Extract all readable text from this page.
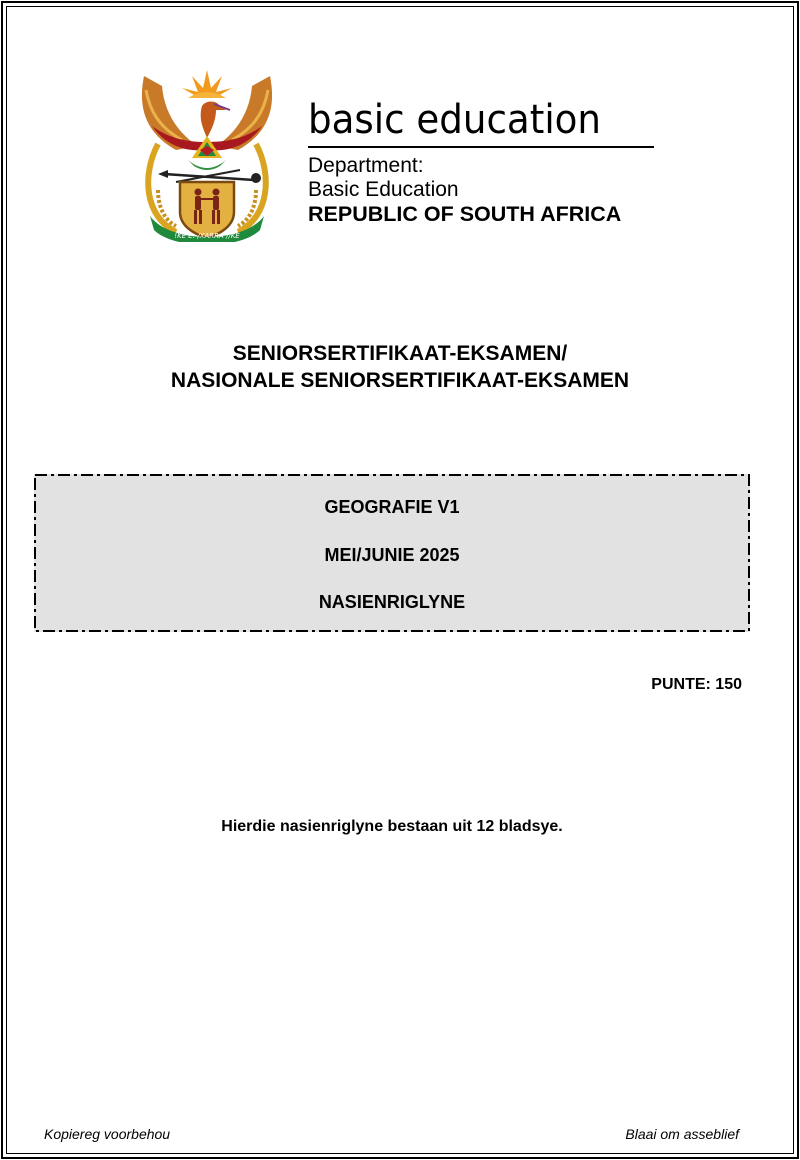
!KE E: /XARRA //KE
basic education
Department:
Basic Education
REPUBLIC OF SOUTH AFRICA
SENIORSERTIFIKAAT-EKSAMEN/
NASIONALE SENIORSERTIFIKAAT-EKSAMEN
GEOGRAFIE V1
MEI/JUNIE 2025
NASIENRIGLYNE
PUNTE: 150
Hierdie nasienriglyne bestaan uit 12 bladsye.
Kopiereg voorbehou	Blaai om asseblief
